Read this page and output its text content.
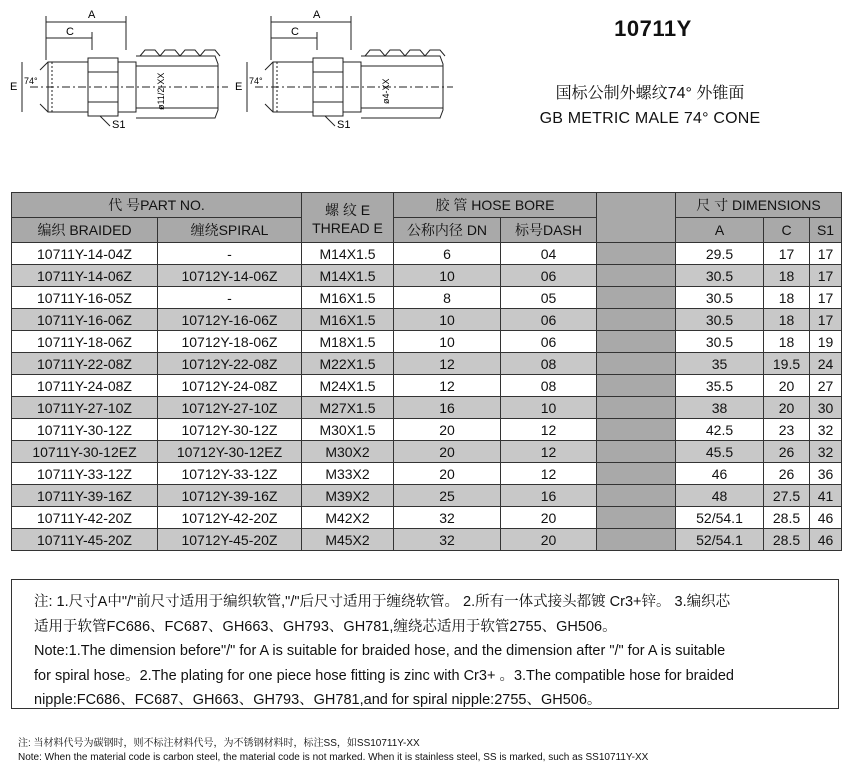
A
C
E 74°
S1
ø11/2-XX
A
C
E 74°
S1
ø4-XX
10711Y
国标公制外螺纹74° 外锥面
GB METRIC MALE 74° CONE
代 号PART NO.		螺 纹 E
THREAD E	胶 管 HOSE BORE			尺 寸 DIMENSIONS		
编织 BRAIDED	缠绕SPIRAL		公称内径 DN	标号DASH		A	C	S1
10711Y-14-04Z	-	M14X1.5	6	04		29.5	17	17
10711Y-14-06Z	10712Y-14-06Z	M14X1.5	10	06		30.5	18	17
10711Y-16-05Z	-	M16X1.5	8	05		30.5	18	17
10711Y-16-06Z	10712Y-16-06Z	M16X1.5	10	06		30.5	18	17
10711Y-18-06Z	10712Y-18-06Z	M18X1.5	10	06		30.5	18	19
10711Y-22-08Z	10712Y-22-08Z	M22X1.5	12	08		35	19.5	24
10711Y-24-08Z	10712Y-24-08Z	M24X1.5	12	08		35.5	20	27
10711Y-27-10Z	10712Y-27-10Z	M27X1.5	16	10		38	20	30
10711Y-30-12Z	10712Y-30-12Z	M30X1.5	20	12		42.5	23	32
10711Y-30-12EZ	10712Y-30-12EZ	M30X2	20	12		45.5	26	32
10711Y-33-12Z	10712Y-33-12Z	M33X2	20	12		46	26	36
10711Y-39-16Z	10712Y-39-16Z	M39X2	25	16		48	27.5	41
10711Y-42-20Z	10712Y-42-20Z	M42X2	32	20		52/54.1	28.5	46
10711Y-45-20Z	10712Y-45-20Z	M45X2	32	20		52/54.1	28.5	46
注: 1.尺寸A中"/"前尺寸适用于编织软管,"/"后尺寸适用于缠绕软管。 2.所有一体式接头都镀 Cr3+锌。 3.编织芯
适用于软管FC686、FC687、GH663、GH793、GH781,缠绕芯适用于软管2755、GH506。
Note:1.The dimension before"/" for A is suitable for braided hose, and the dimension after "/" for A is suitable
for spiral hose。2.The plating for one piece hose fitting is zinc with Cr3+ 。3.The compatible hose for braided
nipple:FC686、FC687、GH663、GH793、GH781,and for spiral nipple:2755、GH506。
注: 当材料代号为碳钢时，则不标注材料代号，为不锈钢材料时，标注SS，如SS10711Y-XX
Note: When the material code is carbon steel, the material code is not marked. When it is stainless steel, SS is marked, such as SS10711Y-XX
